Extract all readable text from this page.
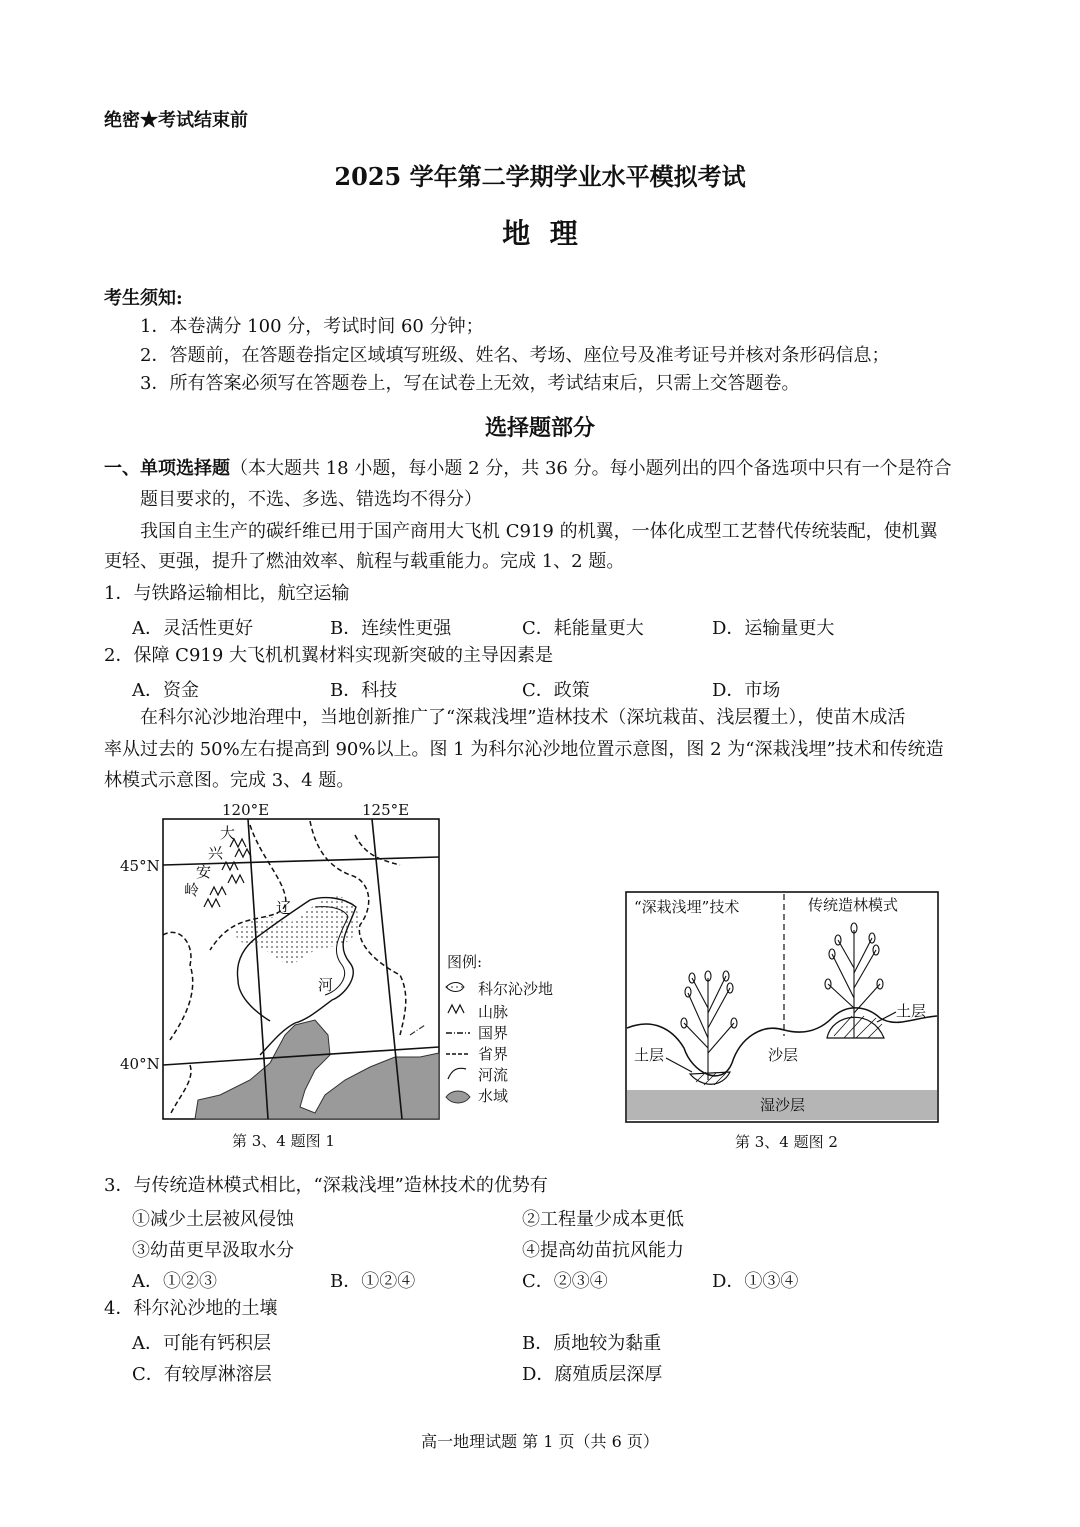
绝密★考试结束前
2025 学年第二学期学业水平模拟考试
地  理
考生须知:
1．本卷满分 100 分，考试时间 60 分钟；
2．答题前，在答题卷指定区域填写班级、姓名、考场、座位号及准考证号并核对条形码信息；
3．所有答案必须写在答题卷上，写在试卷上无效，考试结束后，只需上交答题卷。
选择题部分
一、单项选择题（本大题共 18 小题，每小题 2 分，共 36 分。每小题列出的四个备选项中只有一个是符合
题目要求的，不选、多选、错选均不得分）
我国自主生产的碳纤维已用于国产商用大飞机 C919 的机翼，一体化成型工艺替代传统装配，使机翼
更轻、更强，提升了燃油效率、航程与载重能力。完成 1、2 题。
1．与铁路运输相比，航空运输
A．灵活性更好	B．连续性更强	C．耗能量更大	D．运输量更大
2．保障 C919 大飞机机翼材料实现新突破的主导因素是
A．资金	B．科技	C．政策	D．市场
在科尔沁沙地治理中，当地创新推广了“深栽浅埋”造林技术（深坑栽苗、浅层覆土），使苗木成活
率从过去的 50%左右提高到 90%以上。图 1 为科尔沁沙地位置示意图，图 2 为“深栽浅埋”技术和传统造
林模式示意图。完成 3、4 题。
120°E	125°E
45°N
40°N
大
兴
安
岭
辽
河
图例:
科尔沁沙地
山脉
国界
省界
河流
水域
第 3、4 题图 1
“深栽浅埋”技术	传统造林模式
湿沙层
土层
土层
沙层
第 3、4 题图 2
3．与传统造林模式相比，“深栽浅埋”造林技术的优势有
①减少土层被风侵蚀	②工程量少成本更低
③幼苗更早汲取水分	④提高幼苗抗风能力
A．①②③	B．①②④	C．②③④	D．①③④
4．科尔沁沙地的土壤
A．可能有钙积层	B．质地较为黏重
C．有较厚淋溶层	D．腐殖质层深厚
高一地理试题 第 1 页（共 6 页）
